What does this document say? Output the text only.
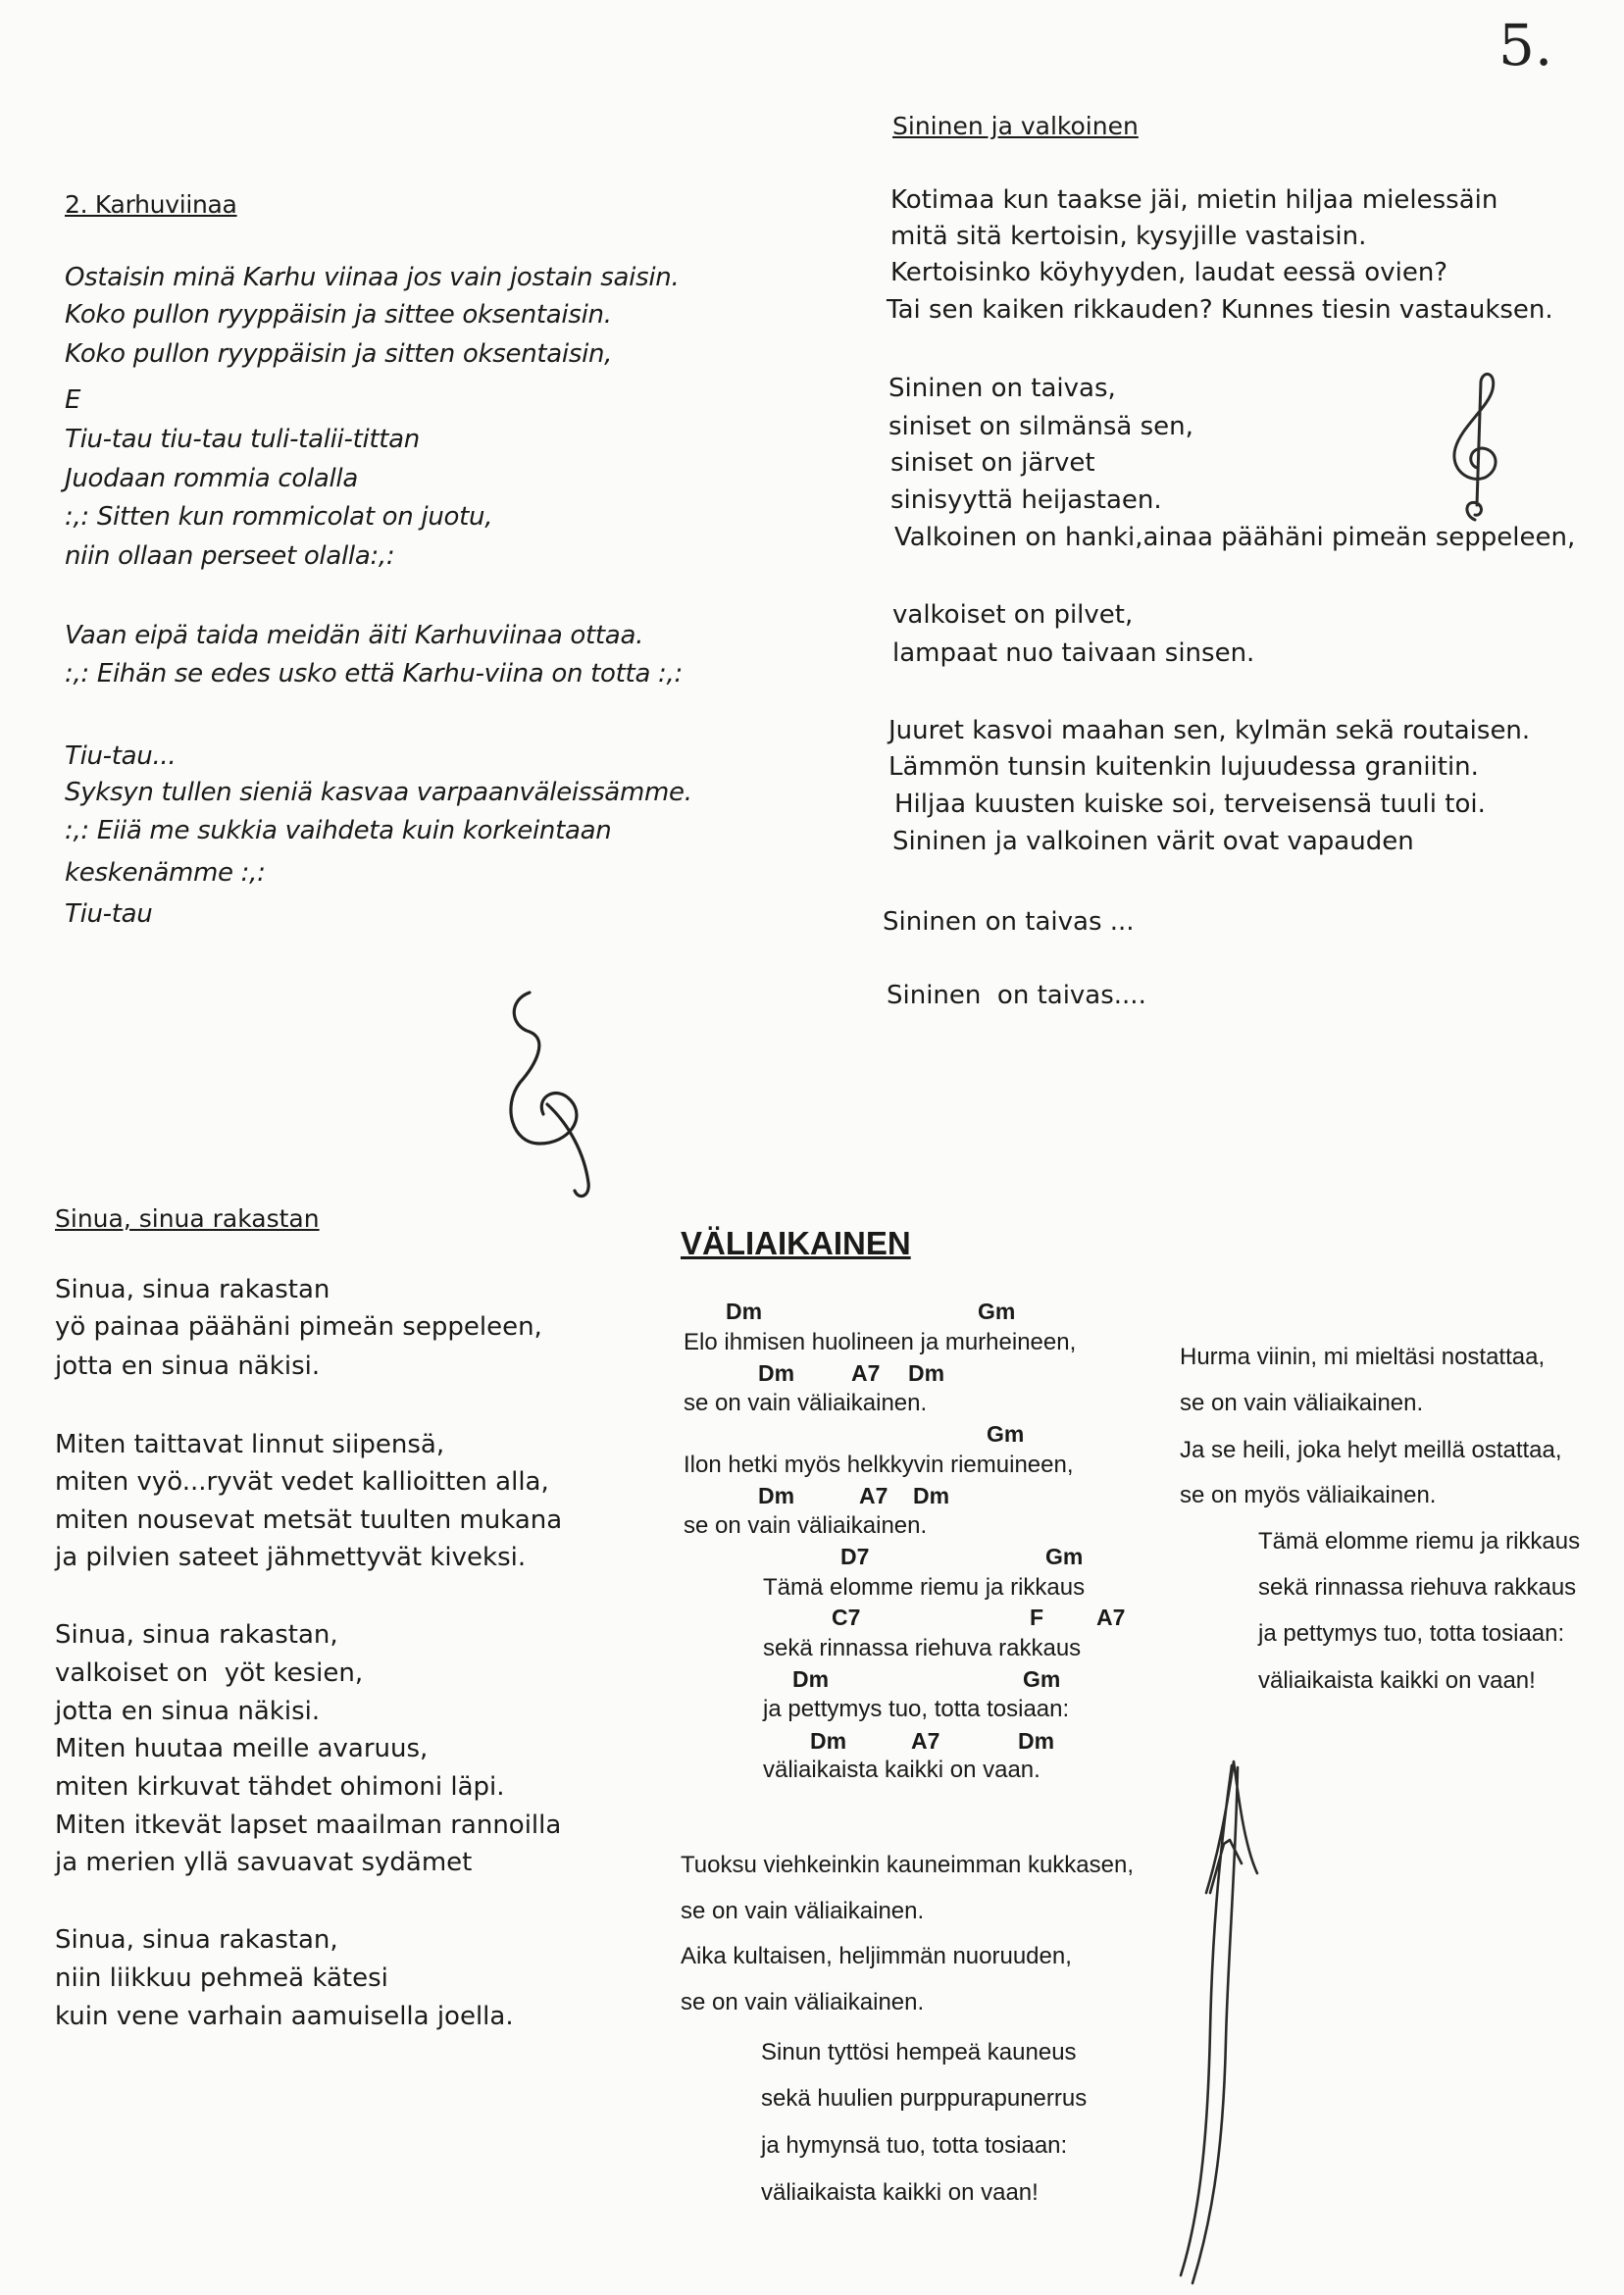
5.
2. Karhuviinaa
Ostaisin minä Karhu viinaa jos vain jostain saisin.
Koko pullon ryyppäisin ja sittee oksentaisin.
Koko pullon ryyppäisin ja sitten oksentaisin,
E
Tiu-tau tiu-tau tuli-talii-tittan
Juodaan rommia colalla
:,: Sitten kun rommicolat on juotu,
niin ollaan perseet olalla:,:
Vaan eipä taida meidän äiti Karhuviinaa ottaa.
:,: Eihän se edes usko että Karhu-viina on totta :,:
Tiu-tau...
Syksyn tullen sieniä kasvaa varpaanväleissämme.
:,: Eiiä me sukkia vaihdeta kuin korkeintaan
keskenämme :,:
Tiu-tau
Sininen ja valkoinen
Kotimaa kun taakse jäi, mietin hiljaa mielessäin
mitä sitä kertoisin, kysyjille vastaisin.
Kertoisinko köyhyyden, laudat eessä ovien?
Tai sen kaiken rikkauden? Kunnes tiesin vastauksen.
Sininen on taivas,
siniset on silmänsä sen,
siniset on järvet
sinisyyttä heijastaen.
Valkoinen on hanki,ainaa päähäni pimeän seppeleen,
valkoiset on pilvet,
lampaat nuo taivaan sinsen.
Juuret kasvoi maahan sen, kylmän sekä routaisen.
Lämmön tunsin kuitenkin lujuudessa graniitin.
Hiljaa kuusten kuiske soi, terveisensä tuuli toi.
Sininen ja valkoinen värit ovat vapauden
Sininen on taivas ...
Sininen  on taivas....
Sinua, sinua rakastan
Sinua, sinua rakastan
yö painaa päähäni pimeän seppeleen,
jotta en sinua näkisi.
Miten taittavat linnut siipensä,
miten vyö...ryvät vedet kallioitten alla,
miten nousevat metsät tuulten mukana
ja pilvien sateet jähmettyvät kiveksi.
Sinua, sinua rakastan,
valkoiset on  yöt kesien,
jotta en sinua näkisi.
Miten huutaa meille avaruus,
miten kirkuvat tähdet ohimoni läpi.
Miten itkevät lapset maailman rannoilla
ja merien yllä savuavat sydämet
Sinua, sinua rakastan,
niin liikkuu pehmeä kätesi
kuin vene varhain aamuisella joella.
VÄLIAIKAINEN
Dm	Gm
Dm	A7 Dm
Gm
Dm	A7 Dm
D7	Gm
C7	F A7
Dm	Gm
Dm	A7	Dm
Elo ihmisen huolineen ja murheineen,
se on vain väliaikainen.
Ilon hetki myös helkkyvin riemuineen,
se on vain väliaikainen.
Tämä elomme riemu ja rikkaus
sekä rinnassa riehuva rakkaus
ja pettymys tuo, totta tosiaan:
väliaikaista kaikki on vaan.
Hurma viinin, mi mieltäsi nostattaa,
se on vain väliaikainen.
Ja se heili, joka helyt meillä ostattaa,
se on myös väliaikainen.
Tämä elomme riemu ja rikkaus
sekä rinnassa riehuva rakkaus
ja pettymys tuo, totta tosiaan:
väliaikaista kaikki on vaan!
Tuoksu viehkeinkin kauneimman kukkasen,
se on vain väliaikainen.
Aika kultaisen, heljimmän nuoruuden,
se on vain väliaikainen.
Sinun tyttösi hempeä kauneus
sekä huulien purppurapunerrus
ja hymynsä tuo, totta tosiaan:
väliaikaista kaikki on vaan!
